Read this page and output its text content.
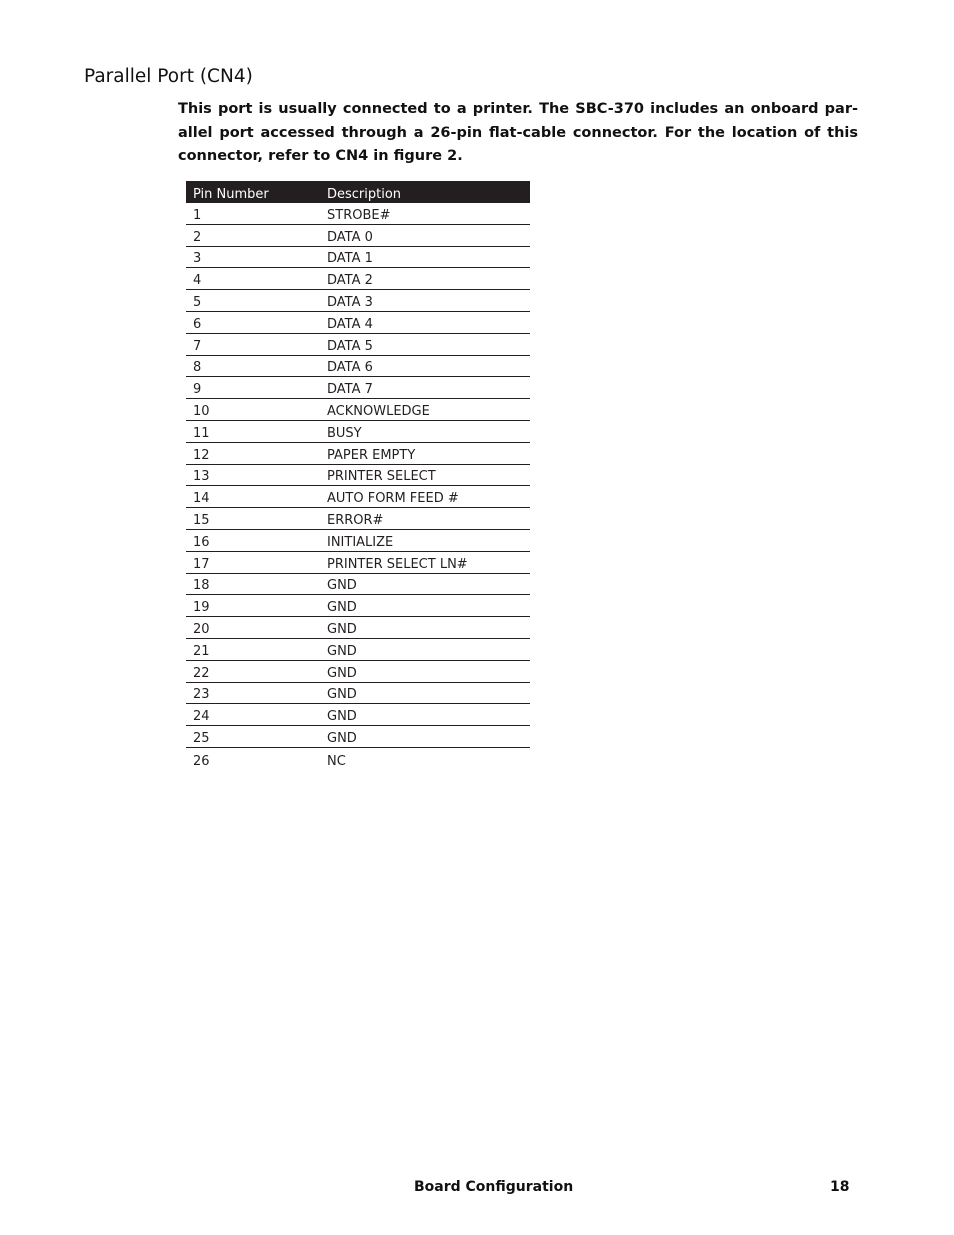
Parallel Port (CN4)

This port is usually connected to a printer. The SBC-370 includes an onboard par-allel port accessed through a 26-pin flat-cable connector. For the location of this connector, refer to CN4 in figure 2.

Pin Number	Description
1	STROBE#
2	DATA 0
3	DATA 1
4	DATA 2
5	DATA 3
6	DATA 4
7	DATA 5
8	DATA 6
9	DATA 7
10	ACKNOWLEDGE
11	BUSY
12	PAPER EMPTY
13	PRINTER SELECT
14	AUTO FORM FEED #
15	ERROR#
16	INITIALIZE
17	PRINTER SELECT LN#
18	GND
19	GND
20	GND
21	GND
22	GND
23	GND
24	GND
25	GND
26	NC
Board Configuration	18
